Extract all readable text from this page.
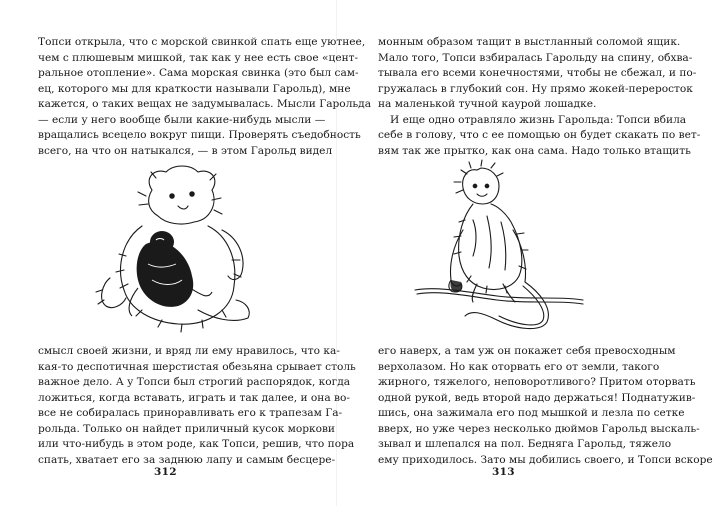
Топси открыла, что с морской свинкой спать еще уютнее,
чем с плюшевым мишкой, так как у нее есть свое «цент-
ральное отопление». Сама морская свинка (это был сам-
ец, которого мы для краткости называли Гарольд), мне
кажется, о таких вещах не задумывалась. Мысли Гарольда
— если у него вообще были какие-нибудь мысли —
вращались всецело вокруг пищи. Проверять съедобность
всего, на что он натыкался, — в этом Гарольд видел
смысл своей жизни, и вряд ли ему нравилось, что ка-
кая-то деспотичная шерстистая обезьяна срывает столь
важное дело. А у Топси был строгий распорядок, когда
ложиться, когда вставать, играть и так далее, и она во-
все не собиралась приноравливать его к трапезам Га-
рольда. Только он найдет приличный кусок моркови
или что-нибудь в этом роде, как Топси, решив, что пора
спать, хватает его за заднюю лапу и самым бесцере-
312
монным образом тащит в выстланный соломой ящик.
Мало того, Топси взбиралась Гарольду на спину, обхва-
тывала его всеми конечностями, чтобы не сбежал, и по-
гружалась в глубокий сон. Ну прямо жокей-переросток
на маленькой тучной каурой лошадке.
И еще одно отравляло жизнь Гарольда: Топси вбила
себе в голову, что с ее помощью он будет скакать по вет-
вям так же прытко, как она сама. Надо только втащить
его наверх, а там уж он покажет себя превосходным
верхолазом. Но как оторвать его от земли, такого
жирного, тяжелого, неповоротливого? Притом оторвать
одной рукой, ведь второй надо держаться! Поднатужив-
шись, она зажимала его под мышкой и лезла по сетке
вверх, но уже через несколько дюймов Гарольд выскаль-
зывал и шлепался на пол. Бедняга Гарольд, тяжело
ему приходилось. Зато мы добились своего, и Топси вскоре
313
